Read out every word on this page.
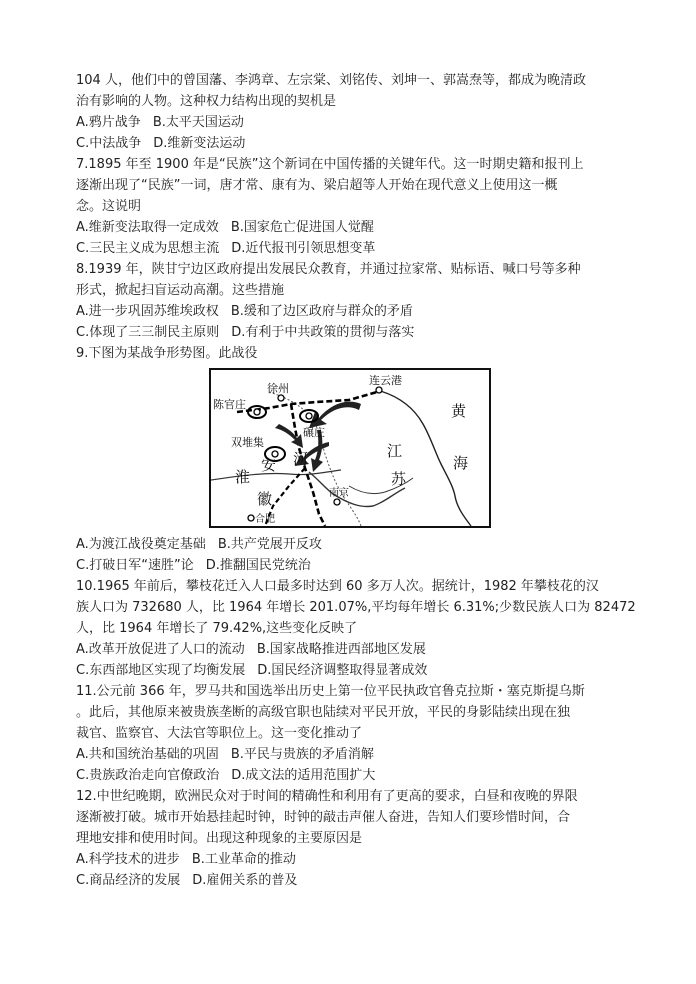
104 人，他们中的曾国藩、李鸿章、左宗棠、刘铭传、刘坤一、郭嵩焘等，都成为晚清政
治有影响的人物。这种权力结构出现的契机是

A.鸦片战争 B.太平天国运动
C.中法战争 D.维新变法运动

7.1895 年至 1900 年是“民族”这个新词在中国传播的关键年代。这一时期史籍和报刊上
逐渐出现了“民族”一词，唐才常、康有为、梁启超等人开始在现代意义上使用这一概
念。这说明

A.维新变法取得一定成效 B.国家危亡促进国人觉醒
C.三民主义成为思想主流 D.近代报刊引领思想变革

8.1939 年，陕甘宁边区政府提出发展民众教育，并通过拉家常、贴标语、喊口号等多种
形式，掀起扫盲运动高潮。这些措施

A.进一步巩固苏维埃政权 B.缓和了边区政府与群众的矛盾
C.体现了三三制民主原则 D.有利于中共政策的贯彻与落实

9.下图为某战争形势图。此战役

徐州
连云港
陈官庄
碾庄
双堆集	江
苏
黄
海
安 河
淮
徽	南京
合肥
A.为渡江战役奠定基础 B.共产党展开反攻
C.打破日军“速胜”论 D.推翻国民党统治

10.1965 年前后，攀枝花迁入人口最多时达到 60 多万人次。据统计，1982 年攀枝花的汉
族人口为 732680 人，比 1964 年增长 201.07%,平均每年增长 6.31%;少数民族人口为 82472
人，比 1964 年增长了 79.42%,这些变化反映了

A.改革开放促进了人口的流动 B.国家战略推进西部地区发展
C.东西部地区实现了均衡发展 D.国民经济调整取得显著成效

11.公元前 366 年，罗马共和国选举出历史上第一位平民执政官鲁克拉斯・塞克斯提乌斯
。此后，其他原来被贵族垄断的高级官职也陆续对平民开放，平民的身影陆续出现在独
裁官、监察官、大法官等职位上。这一变化推动了

A.共和国统治基础的巩固 B.平民与贵族的矛盾消解
C.贵族政治走向官僚政治 D.成文法的适用范围扩大

12.中世纪晚期，欧洲民众对于时间的精确性和利用有了更高的要求，白昼和夜晚的界限
逐渐被打破。城市开始悬挂起时钟，时钟的敲击声催人奋进，告知人们要珍惜时间，合
理地安排和使用时间。出现这种现象的主要原因是

A.科学技术的进步 B.工业革命的推动
C.商品经济的发展 D.雇佣关系的普及
